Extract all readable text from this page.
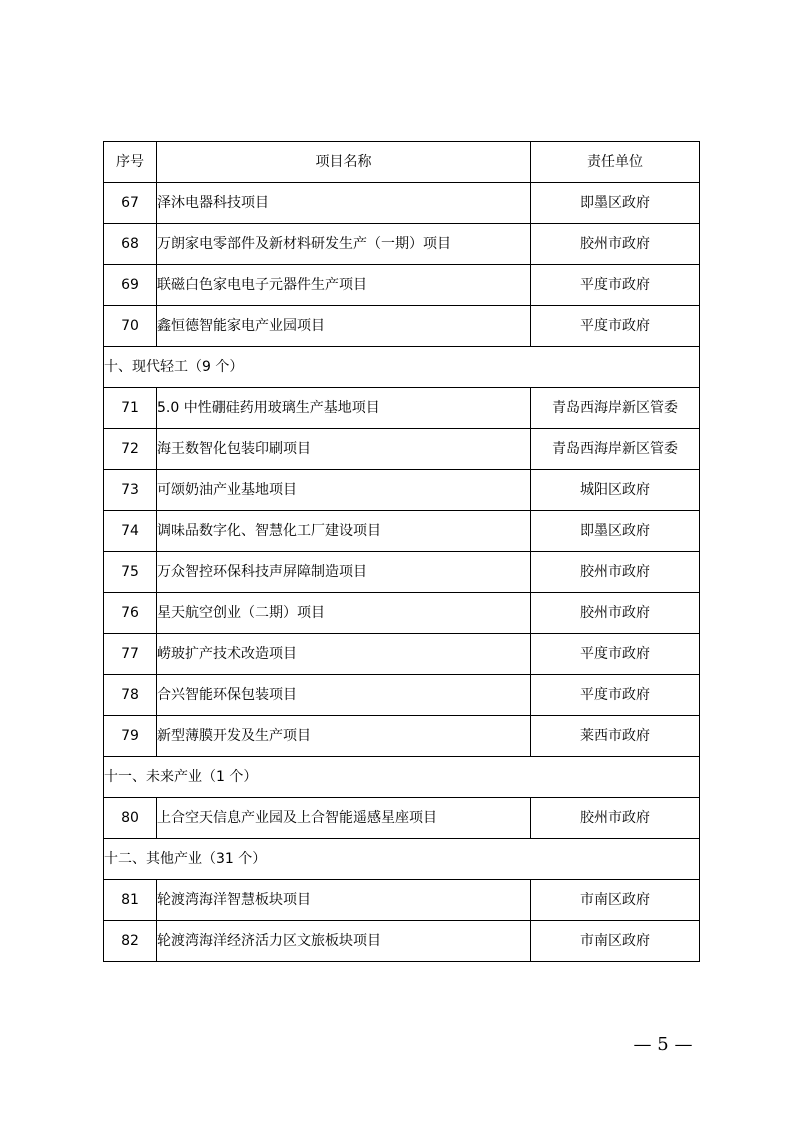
序号	项目名称	责任单位
67	泽沐电器科技项目	即墨区政府
68	万朗家电零部件及新材料研发生产（一期）项目	胶州市政府
69	联磁白色家电电子元器件生产项目	平度市政府
70	鑫恒德智能家电产业园项目	平度市政府
十、现代轻工（9 个）		
71	5.0 中性硼硅药用玻璃生产基地项目	青岛西海岸新区管委
72	海王数智化包装印刷项目	青岛西海岸新区管委
73	可颂奶油产业基地项目	城阳区政府
74	调味品数字化、智慧化工厂建设项目	即墨区政府
75	万众智控环保科技声屏障制造项目	胶州市政府
76	星天航空创业（二期）项目	胶州市政府
77	崂玻扩产技术改造项目	平度市政府
78	合兴智能环保包装项目	平度市政府
79	新型薄膜开发及生产项目	莱西市政府
十一、未来产业（1 个）		
80	上合空天信息产业园及上合智能遥感星座项目	胶州市政府
十二、其他产业（31 个）		
81	轮渡湾海洋智慧板块项目	市南区政府
82	轮渡湾海洋经济活力区文旅板块项目	市南区政府
— 5 —
